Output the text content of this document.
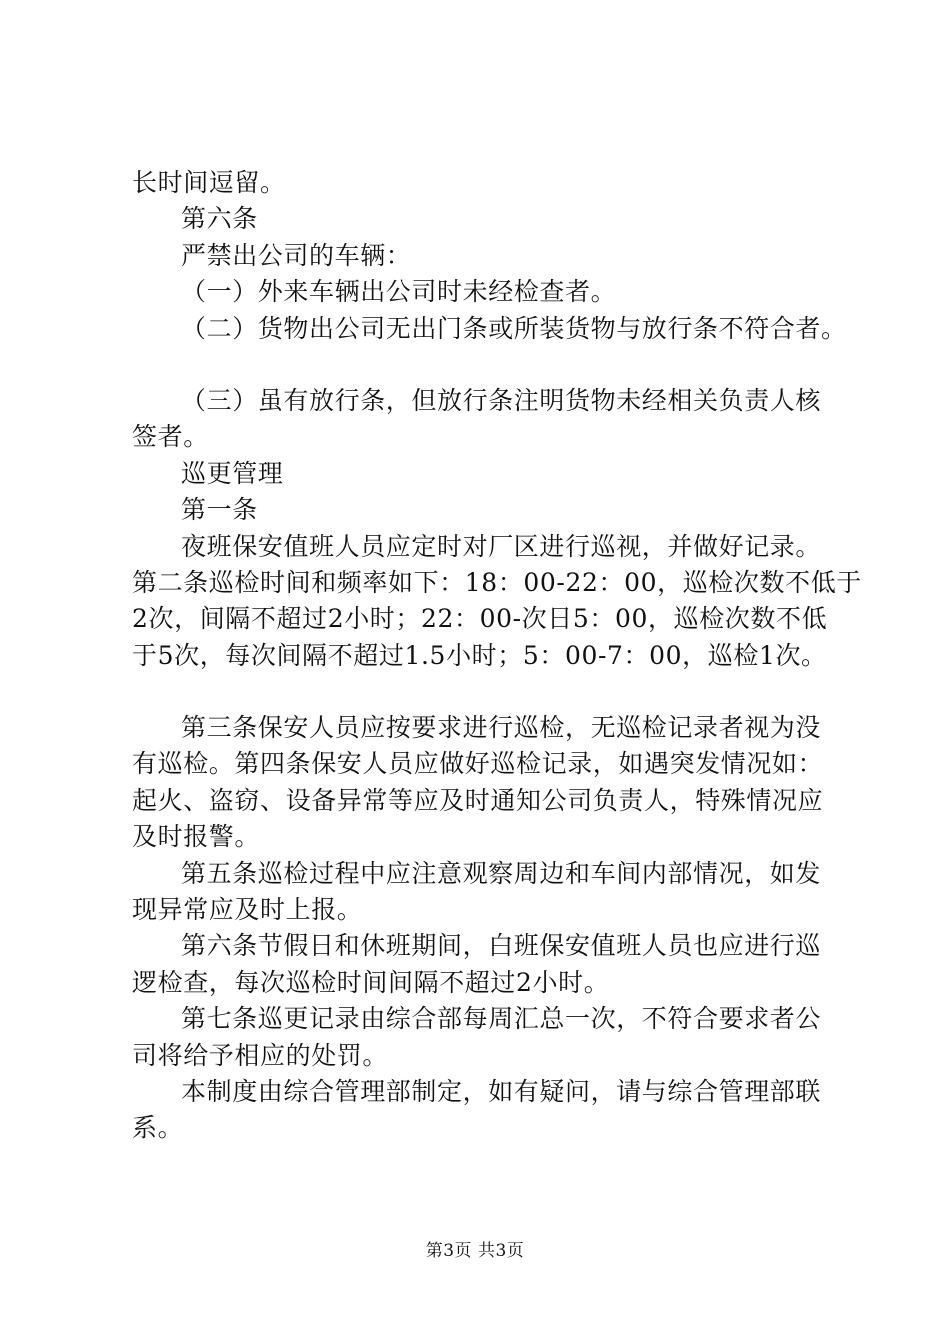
长时间逗留。
第六条
严禁出公司的车辆：
（一）外来车辆出公司时未经检查者。
（二）货物出公司无出门条或所装货物与放行条不符合者。
（三）虽有放行条，但放行条注明货物未经相关负责人核
签者。
巡更管理
第一条
夜班保安值班人员应定时对厂区进行巡视，并做好记录。
第二条巡检时间和频率如下：18：00-22：00，巡检次数不低于
2次，间隔不超过2小时；22：00-次日5：00，巡检次数不低
于5次，每次间隔不超过1.5小时；5：00-7：00，巡检1次。
第三条保安人员应按要求进行巡检，无巡检记录者视为没
有巡检。第四条保安人员应做好巡检记录，如遇突发情况如：
起火、盗窃、设备异常等应及时通知公司负责人，特殊情况应
及时报警。
第五条巡检过程中应注意观察周边和车间内部情况，如发
现异常应及时上报。
第六条节假日和休班期间，白班保安值班人员也应进行巡
逻检查，每次巡检时间间隔不超过2小时。
第七条巡更记录由综合部每周汇总一次，不符合要求者公
司将给予相应的处罚。
本制度由综合管理部制定，如有疑问，请与综合管理部联
系。
第3页 共3页
